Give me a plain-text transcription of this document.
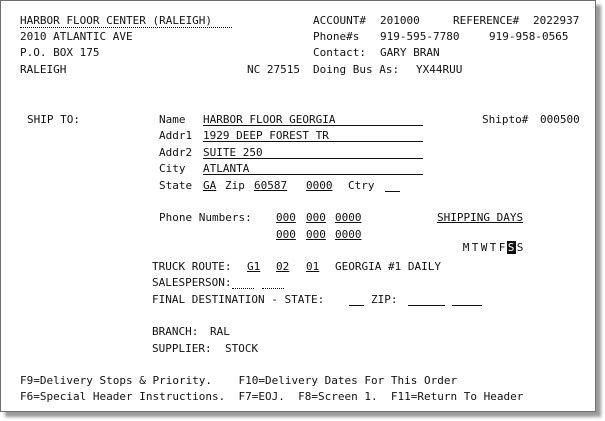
HARBOR FLOOR CENTER (RALEIGH)
2010 ATLANTIC AVE
P.O. BOX 175
RALEIGH
ACCOUNT# 201000	REFERENCE# 2022937
Phone#s 919-595-7780	919-958-0565
Contact: GARY BRAN
NC 27515 Doing Bus As: YX44RUU
SHIP TO:	Name HARBOR FLOOR GEORGIA	Shipto# 000500
Addr1 1929 DEEP FOREST TR
Addr2 SUITE 250
City ATLANTA
State GA Zip 60587 0000 Ctry
Phone Numbers: 000 000 0000
000 000 0000
SHIPPING DAYS

M T W T F S S

TRUCK ROUTE: G1 02 01 GEORGIA #1 DAILY
SALESPERSON:
FINAL DESTINATION - STATE:	ZIP:
BRANCH: RAL
SUPPLIER: STOCK
F9=Delivery Stops & Priority.    F10=Delivery Dates For This Order
F6=Special Header Instructions.  F7=EOJ.  F8=Screen 1.  F11=Return To Header
